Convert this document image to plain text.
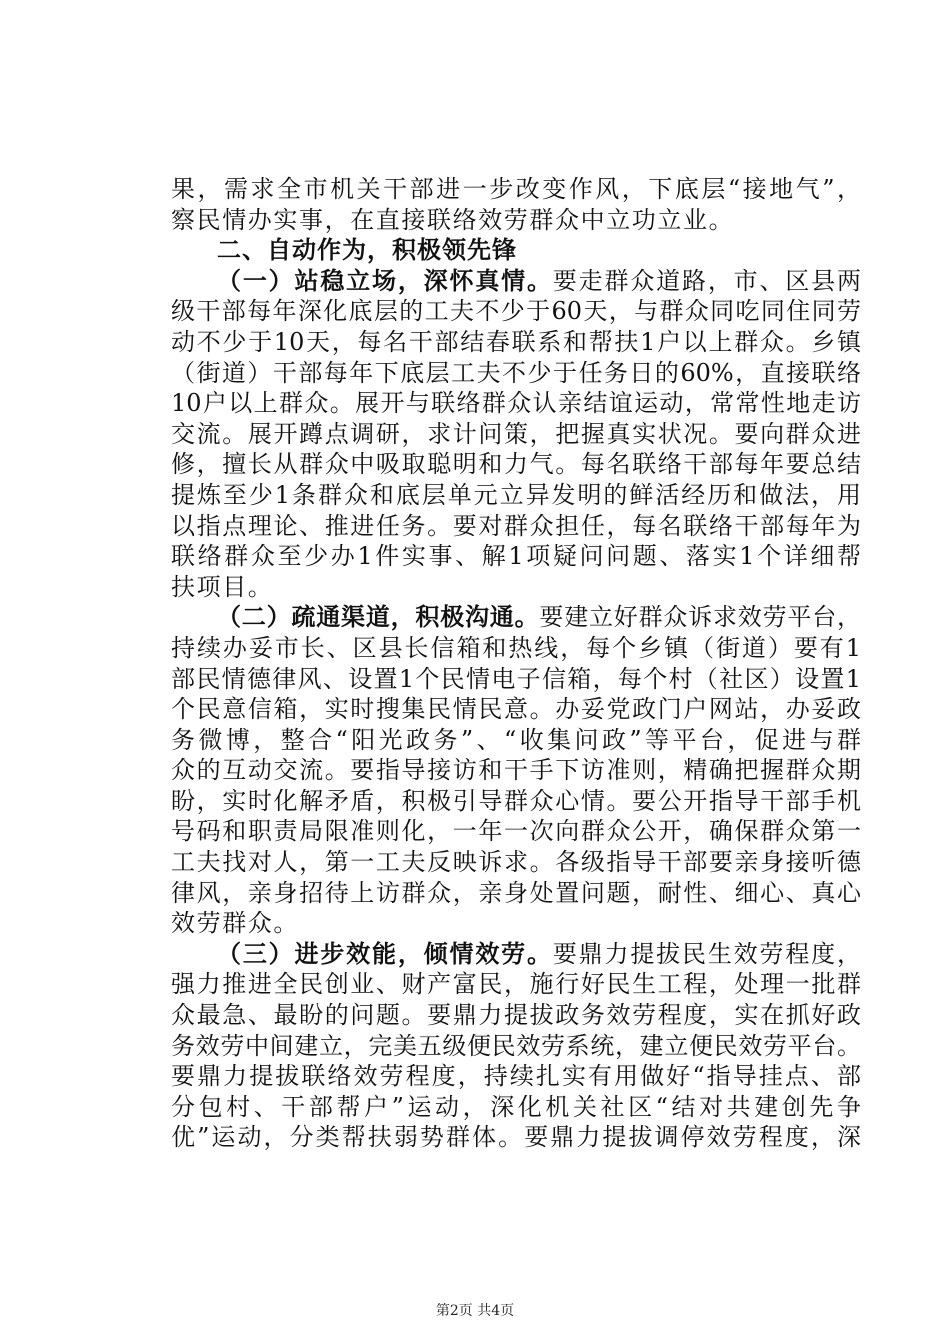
果，需求全市机关干部进一步改变作风，下底层“接地气”，
察民情办实事，在直接联络效劳群众中立功立业。
二、自动作为，积极领先锋
（一）站稳立场，深怀真情。要走群众道路，市、区县两
级干部每年深化底层的工夫不少于60天，与群众同吃同住同劳
动不少于10天，每名干部结春联系和帮扶1户以上群众。乡镇
（街道）干部每年下底层工夫不少于任务日的60%，直接联络
10户以上群众。展开与联络群众认亲结谊运动，常常性地走访
交流。展开蹲点调研，求计问策，把握真实状况。要向群众进
修，擅长从群众中吸取聪明和力气。每名联络干部每年要总结
提炼至少1条群众和底层单元立异发明的鲜活经历和做法，用
以指点理论、推进任务。要对群众担任，每名联络干部每年为
联络群众至少办1件实事、解1项疑问问题、落实1个详细帮
扶项目。
（二）疏通渠道，积极沟通。要建立好群众诉求效劳平台，
持续办妥市长、区县长信箱和热线，每个乡镇（街道）要有1
部民情德律风、设置1个民情电子信箱，每个村（社区）设置1
个民意信箱，实时搜集民情民意。办妥党政门户网站，办妥政
务微博，整合“阳光政务”、“收集问政”等平台，促进与群
众的互动交流。要指导接访和干手下访准则，精确把握群众期
盼，实时化解矛盾，积极引导群众心情。要公开指导干部手机
号码和职责局限准则化，一年一次向群众公开，确保群众第一
工夫找对人，第一工夫反映诉求。各级指导干部要亲身接听德
律风，亲身招待上访群众，亲身处置问题，耐性、细心、真心
效劳群众。
（三）进步效能，倾情效劳。要鼎力提拔民生效劳程度，
强力推进全民创业、财产富民，施行好民生工程，处理一批群
众最急、最盼的问题。要鼎力提拔政务效劳程度，实在抓好政
务效劳中间建立，完美五级便民效劳系统，建立便民效劳平台。
要鼎力提拔联络效劳程度，持续扎实有用做好“指导挂点、部
分包村、干部帮户”运动，深化机关社区“结对共建创先争
优”运动，分类帮扶弱势群体。要鼎力提拔调停效劳程度，深
第2页 共4页
